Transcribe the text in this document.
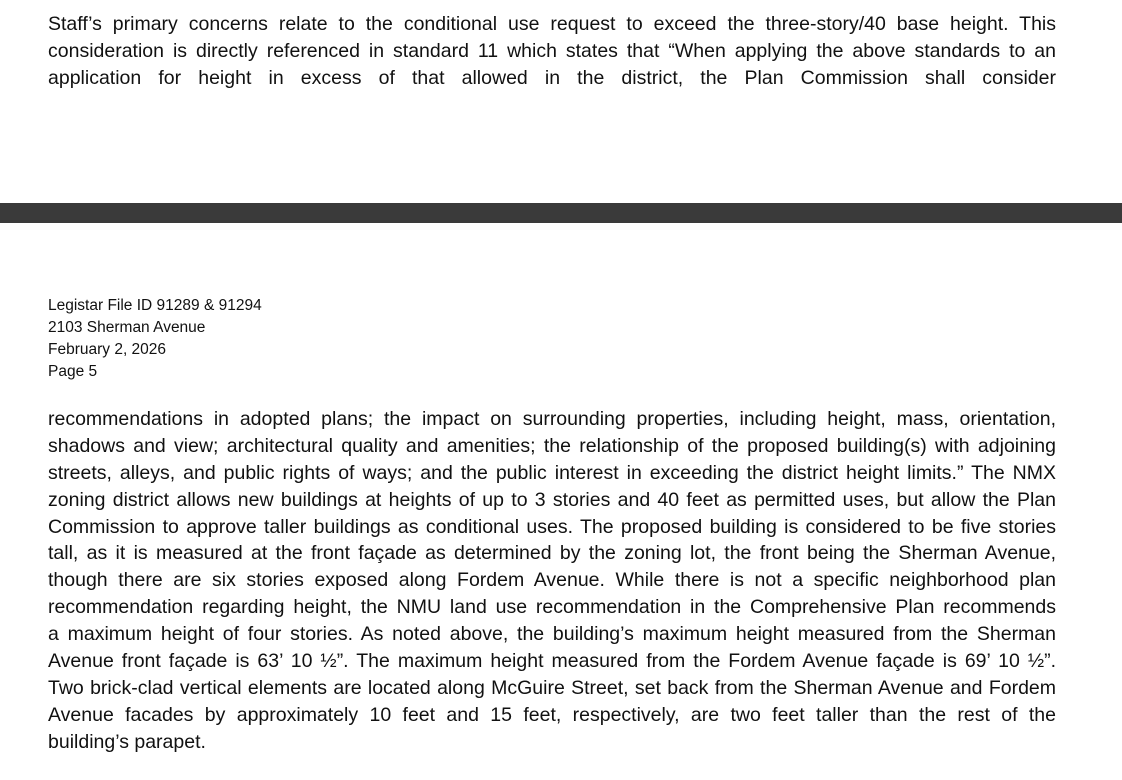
Staff’s primary concerns relate to the conditional use request to exceed the three-story/40 base height. This consideration is directly referenced in standard 11 which states that “When applying the above standards to an application for height in excess of that allowed in the district, the Plan Commission shall consider

Legistar File ID 91289 & 91294
2103 Sherman Avenue
February 2, 2026
Page 5
recommendations in adopted plans; the impact on surrounding properties, including height, mass, orientation,
shadows and view; architectural quality and amenities; the relationship of the proposed building(s) with adjoining
streets, alleys, and public rights of ways; and the public interest in exceeding the district height limits.” The NMX
zoning district allows new buildings at heights of up to 3 stories and 40 feet as permitted uses, but allow the Plan
Commission to approve taller buildings as conditional uses. The proposed building is considered to be five stories
tall, as it is measured at the front façade as determined by the zoning lot, the front being the Sherman Avenue,
though there are six stories exposed along Fordem Avenue. While there is not a specific neighborhood plan
recommendation regarding height, the NMU land use recommendation in the Comprehensive Plan recommends
a maximum height of four stories. As noted above, the building’s maximum height measured from the Sherman
Avenue front façade is 63’ 10 ½”. The maximum height measured from the Fordem Avenue façade is 69’ 10 ½”.
Two brick-clad vertical elements are located along McGuire Street, set back from the Sherman Avenue and Fordem
Avenue facades by approximately 10 feet and 15 feet, respectively, are two feet taller than the rest of the
building’s parapet.
